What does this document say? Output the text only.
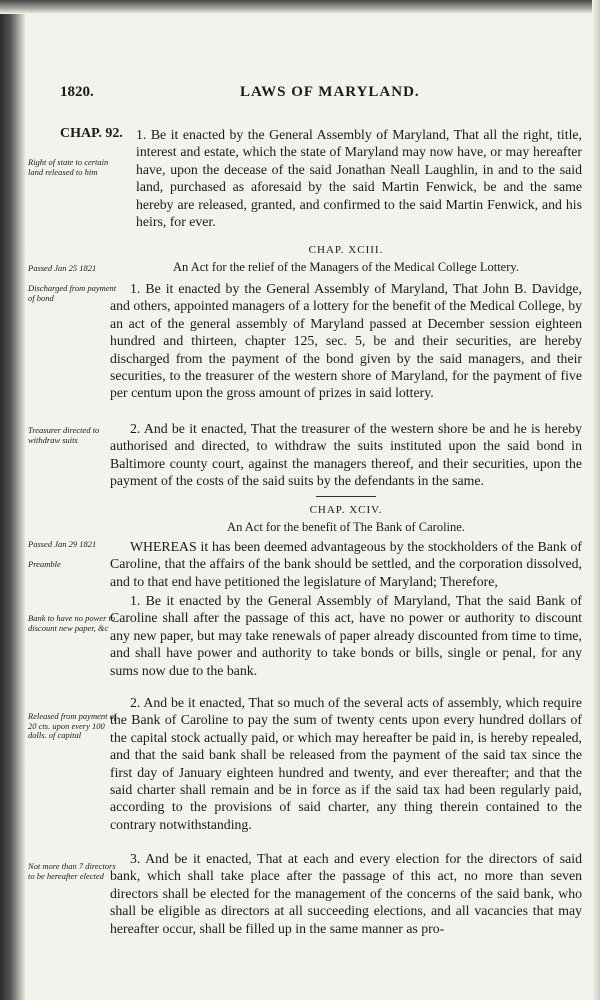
1820.	LAWS OF MARYLAND.
CHAP. 92.
Right of state to certain land released to him

1. Be it enacted by the General Assembly of Maryland, That all the right, title, interest and estate, which the state of Maryland may now have, or may hereafter have, upon the decease of the said Jonathan Neall Laughlin, in and to the said land, purchased as aforesaid by the said Martin Fenwick, be and the same hereby are released, granted, and confirmed to the said Martin Fenwick, and his heirs, for ever.

CHAP. XCIII.
Passed Jan 25 1821	An Act for the relief of the Managers of the Medical College Lottery.
Discharged from payment of bond

1. Be it enacted by the General Assembly of Maryland, That John B. Davidge, and others, appointed managers of a lottery for the benefit of the Medical College, by an act of the general assembly of Maryland passed at December session eighteen hundred and thirteen, chapter 125, sec. 5, be and their securities, are hereby discharged from the payment of the bond given by the said managers, and their securities, to the treasurer of the western shore of Maryland, for the payment of five per centum upon the gross amount of prizes in said lottery.

Treasurer directed to withdraw suits

2. And be it enacted, That the treasurer of the western shore be and he is hereby authorised and directed, to withdraw the suits instituted upon the said bond in Baltimore county court, against the managers thereof, and their securities, upon the payment of the costs of the said suits by the defendants in the same.

CHAP. XCIV.
An Act for the benefit of The Bank of Caroline.
Passed Jan 29 1821
Preamble

WHEREAS it has been deemed advantageous by the stockholders of the Bank of Caroline, that the affairs of the bank should be settled, and the corporation dissolved, and to that end have petitioned the legislature of Maryland; Therefore,

Bank to have no power to discount new paper, &c

1. Be it enacted by the General Assembly of Maryland, That the said Bank of Caroline shall after the passage of this act, have no power or authority to discount any new paper, but may take renewals of paper already discounted from time to time, and shall have power and authority to take bonds or bills, single or penal, for any sums now due to the bank.

Released from payment of 20 cts. upon every 100 dolls. of capital

2. And be it enacted, That so much of the several acts of assembly, which require the Bank of Caroline to pay the sum of twenty cents upon every hundred dollars of the capital stock actually paid, or which may hereafter be paid in, is hereby repealed, and that the said bank shall be released from the payment of the said tax since the first day of January eighteen hundred and twenty, and ever thereafter; and that the said charter shall remain and be in force as if the said tax had been regularly paid, according to the provisions of said charter, any thing therein contained to the contrary notwithstanding.

Not more than 7 directors to be hereafter elected

3. And be it enacted, That at each and every election for the directors of said bank, which shall take place after the passage of this act, no more than seven directors shall be elected for the management of the concerns of the said bank, who shall be eligible as directors at all succeeding elections, and all vacancies that may hereafter occur, shall be filled up in the same manner as pro-
